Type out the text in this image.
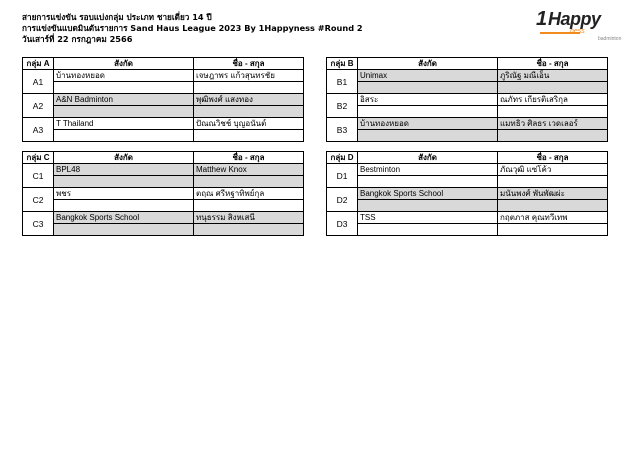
สายการแข่งขัน รอบแบ่งกลุ่ม ประเภท ชายเดี่ยว 14 ปี
การแข่งขันแบดมินตันรายการ Sand Haus League 2023 By 1Happyness #Round 2
วันเสาร์ที่ 22 กรกฎาคม 2566
1 Happy
ness
badminton
กลุ่ม A	สังกัด	ชื่อ - สกุล
A1	บ้านทองหยอด	เจษฎาพร แก้วสุนทรชัย

A2	A&N Badminton	พุฒิพงศ์ แสงทอง

A3	T Thailand	ปัณณวิชช์ บุญอนันต์

กลุ่ม B	สังกัด	ชื่อ - สกุล
B1	Unimax	ภูริณัฐ มณีเอ็น

B2	อิสระ	ณภัทร เกียรติเสริกุล

B3	บ้านทองหยอด	แมทธิว ศิลธร เวดเลอร์

กลุ่ม C	สังกัด	ชื่อ - สกุล
C1	BPL48	Matthew Knox

C2	พชร	ตฤณ ศรีหฐาทิพย์กุล

C3	Bangkok Sports School	ทนุธรรม สิงหเสนี

กลุ่ม D	สังกัด	ชื่อ - สกุล
D1	Bestminton	ภัณวุฒิ แซ่โค้ว

D2	Bangkok Sports School	มนันพงศ์ พันพัฒผ่ะ

D3	TSS	กฤตภาส คุณทวีเทพ
